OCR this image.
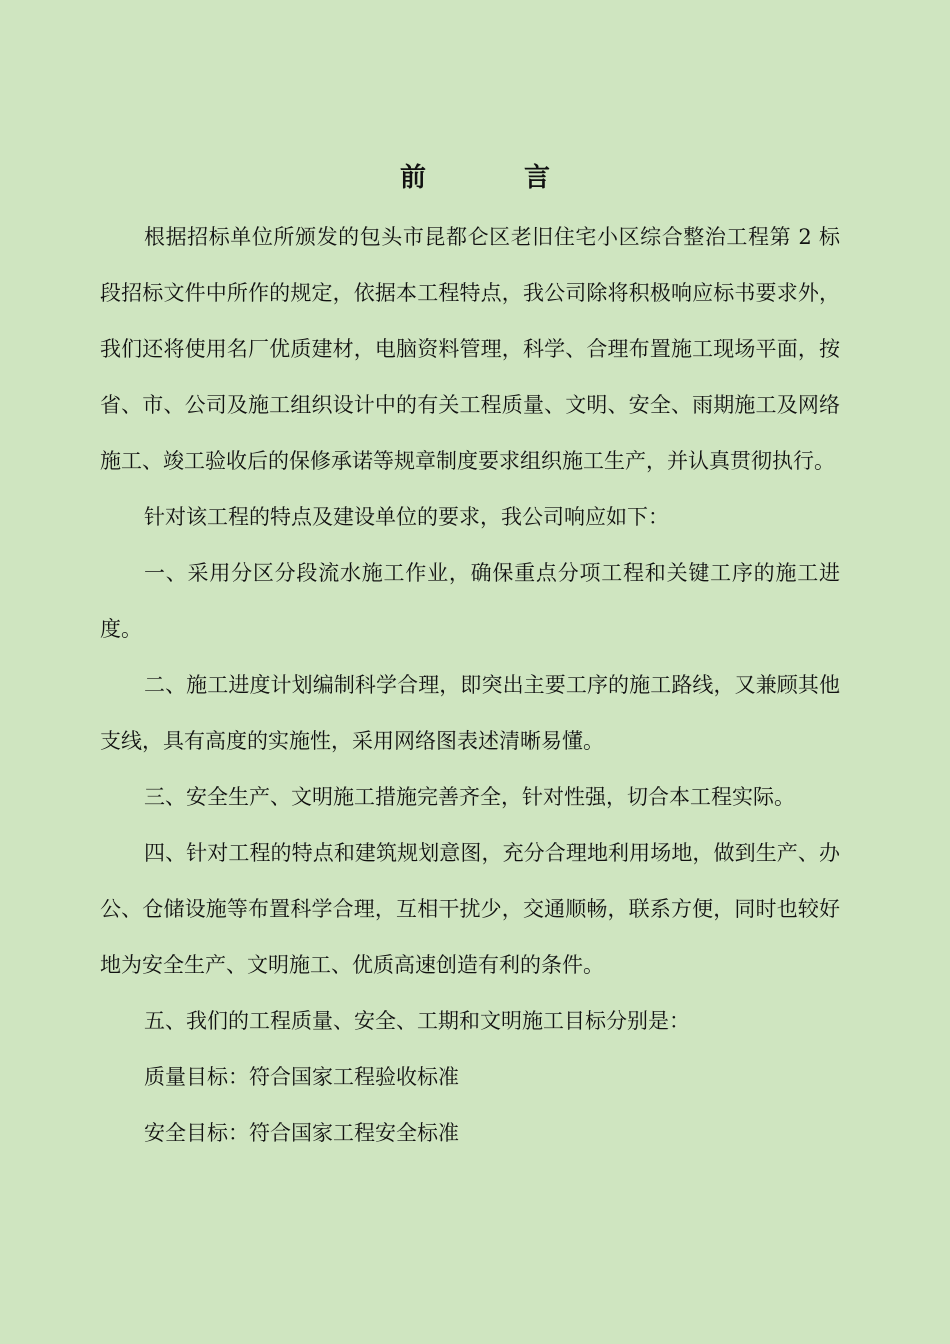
前　言

根据招标单位所颁发的包头市昆都仑区老旧住宅小区综合整治工程第 2 标段招标文件中所作的规定，依据本工程特点，我公司除将积极响应标书要求外，我们还将使用名厂优质建材，电脑资料管理，科学、合理布置施工现场平面，按省、市、公司及施工组织设计中的有关工程质量、文明、安全、雨期施工及网络施工、竣工验收后的保修承诺等规章制度要求组织施工生产，并认真贯彻执行。

针对该工程的特点及建设单位的要求，我公司响应如下：

一、采用分区分段流水施工作业，确保重点分项工程和关键工序的施工进度。

二、施工进度计划编制科学合理，即突出主要工序的施工路线，又兼顾其他支线，具有高度的实施性，采用网络图表述清晰易懂。

三、安全生产、文明施工措施完善齐全，针对性强，切合本工程实际。

四、针对工程的特点和建筑规划意图，充分合理地利用场地，做到生产、办公、仓储设施等布置科学合理，互相干扰少，交通顺畅，联系方便，同时也较好地为安全生产、文明施工、优质高速创造有利的条件。

五、我们的工程质量、安全、工期和文明施工目标分别是：

质量目标：符合国家工程验收标准

安全目标：符合国家工程安全标准
